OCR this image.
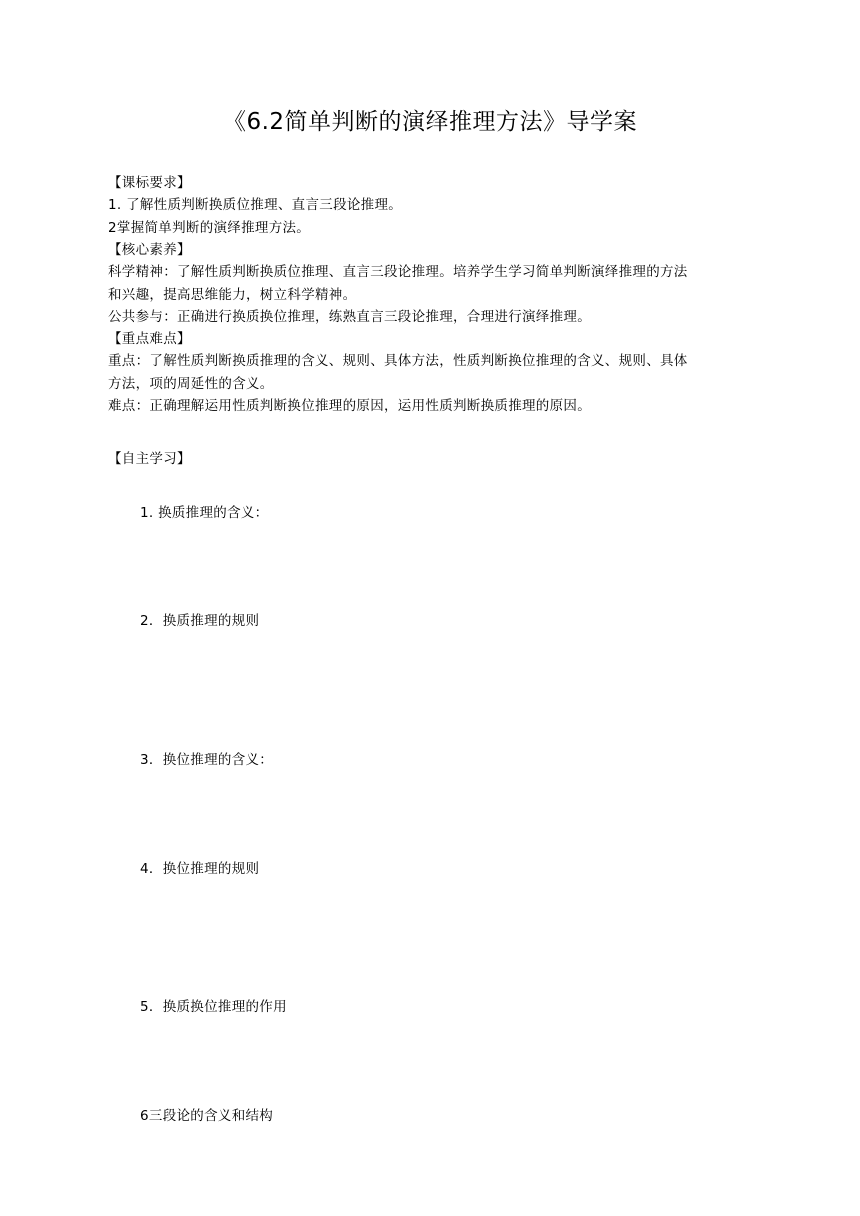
《6.2简单判断的演绎推理方法》导学案
【课标要求】
1. 了解性质判断换质位推理、直言三段论推理。
2掌握简单判断的演绎推理方法。
【核心素养】
科学精神：了解性质判断换质位推理、直言三段论推理。培养学生学习简单判断演绎推理的方法
和兴趣，提高思维能力，树立科学精神。
公共参与：正确进行换质换位推理，练熟直言三段论推理，合理进行演绎推理。
【重点难点】
重点：了解性质判断换质推理的含义、规则、具体方法，性质判断换位推理的含义、规则、具体
方法，项的周延性的含义。
难点：正确理解运用性质判断换位推理的原因，运用性质判断换质推理的原因。
【自主学习】
1. 换质推理的含义：
2．换质推理的规则
3．换位推理的含义：
4．换位推理的规则
5．换质换位推理的作用
6三段论的含义和结构
